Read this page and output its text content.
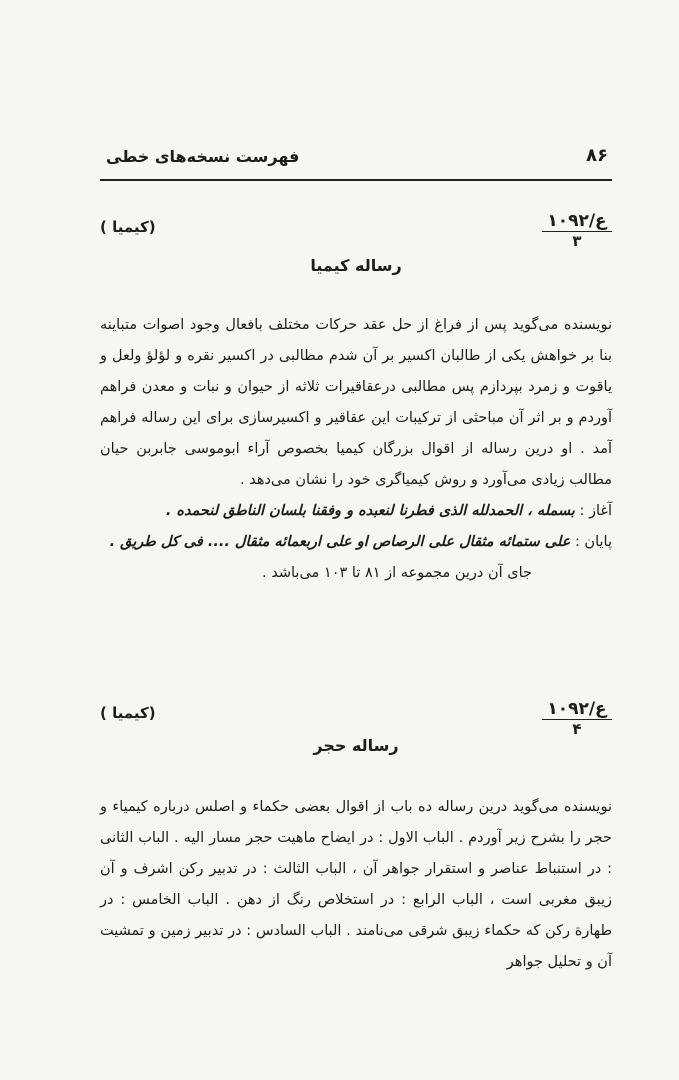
فهرست نسخه‌های خطی	۸۶
ع/۱۰۹۲
۳
(کیمیا )
رساله کیمیا

نویسنده می‌گوید پس از فراغ از حل عقد حرکات مختلف بافعال وجود اصوات متباینه بنا بر خواهش یکی از طالبان اکسیر بر آن شدم مطالبی در اکسیر نقره و لؤلؤ ولعل و یاقوت و زمرد بپردازم پس مطالبی درعقاقیرات ثلاثه از حیوان و نبات و معدن فراهم آوردم و بر اثر آن مباحثی از ترکیبات این عقاقیر و اکسیرسازی برای این رساله فراهم آمد . او درین رساله از اقوال بزرگان کیمیا بخصوص آراء ابوموسی جابربن حیان مطالب زیادی می‌آورد و روش کیمیاگری خود را نشان می‌دهد .

آغاز : بسمله ، الحمدلله الذی فطرنا لنعبده و وفقنا بلسان الناطق لنحمده .

پایان : علی ستمائه مثقال علی الرصاص او علی اربعمائه مثقال .... فی کل طریق .

جای آن درین مجموعه از ۸۱ تا ۱۰۳ می‌باشد .

ع/۱۰۹۲
۴
(کیمیا )
رساله حجر

نویسنده می‌گوید درین رساله ده باب از اقوال بعضی حکماء و اصلس درباره کیمیاء و حجر را بشرح زیر آوردم . الباب الاول : در ایضاح ماهیت حجر مسار الیه . الباب الثانی : در استنباط عناصر و استقرار جواهر آن ، الباب الثالث : در تدبیر رکن اشرف و آن زیبق مغربی است ، الباب الرابع : در استخلاص رنگ از دهن . الباب الخامس : در طهارة رکن که حکماء زیبق شرقی می‌نامند . الباب السادس : در تدبیر زمین و تمشیت آن و تحلیل جواهر
